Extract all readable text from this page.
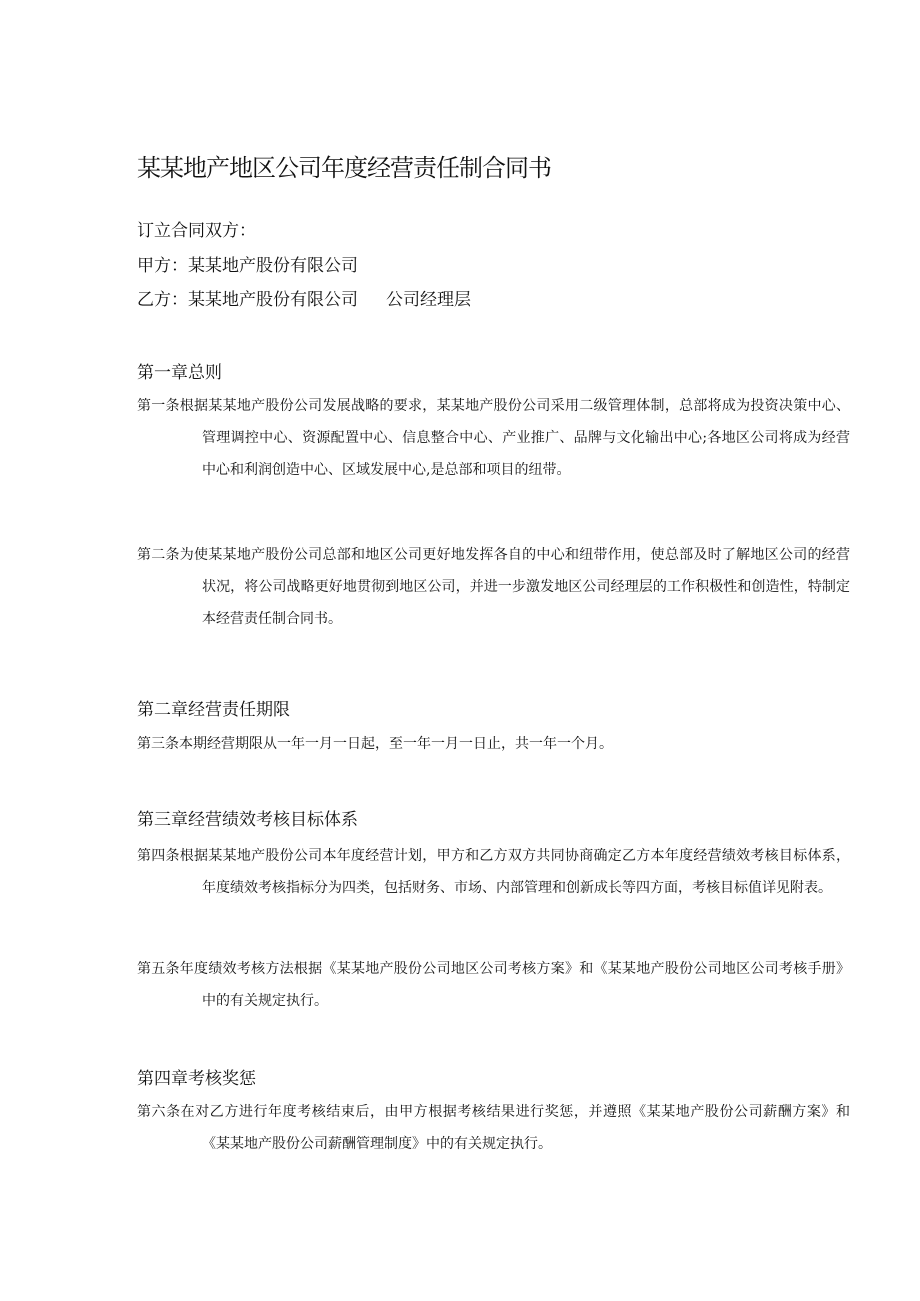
某某地产地区公司年度经营责任制合同书
订立合同双方：
甲方：某某地产股份有限公司
乙方：某某地产股份有限公司 公司经理层
第一章总则

第一条根据某某地产股份公司发展战略的要求，某某地产股份公司采用二级管理体制，总部将成为投资决策中心、管理调控中心、资源配置中心、信息整合中心、产业推广、品牌与文化输出中心;各地区公司将成为经营中心和利润创造中心、区域发展中心,是总部和项目的纽带。

第二条为使某某地产股份公司总部和地区公司更好地发挥各自的中心和纽带作用，使总部及时了解地区公司的经营状况，将公司战略更好地贯彻到地区公司，并进一步激发地区公司经理层的工作积极性和创造性，特制定本经营责任制合同书。

第二章经营责任期限

第三条本期经营期限从一年一月一日起，至一年一月一日止，共一年一个月。

第三章经营绩效考核目标体系

第四条根据某某地产股份公司本年度经营计划，甲方和乙方双方共同协商确定乙方本年度经营绩效考核目标体系，年度绩效考核指标分为四类，包括财务、市场、内部管理和创新成长等四方面，考核目标值详见附表。

第五条年度绩效考核方法根据《某某地产股份公司地区公司考核方案》和《某某地产股份公司地区公司考核手册》中的有关规定执行。

第四章考核奖惩

第六条在对乙方进行年度考核结束后，由甲方根据考核结果进行奖惩，并遵照《某某地产股份公司薪酬方案》和《某某地产股份公司薪酬管理制度》中的有关规定执行。
